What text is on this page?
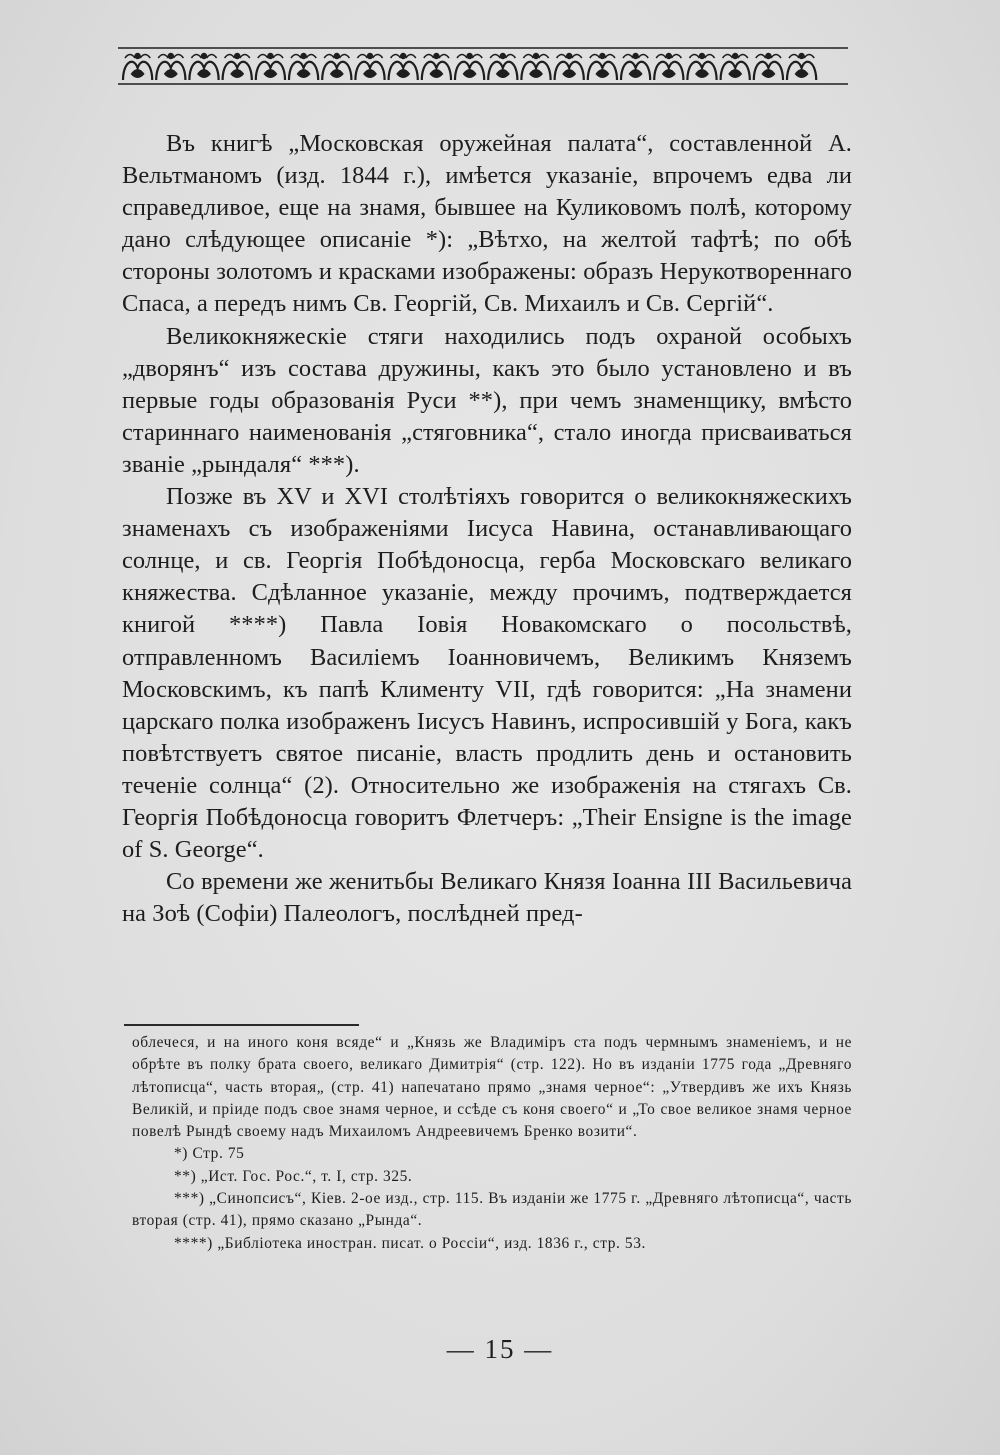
Въ книгѣ „Московская оружейная палата“, составленной А. Вельтманомъ (изд. 1844 г.), имѣется указаніе, впрочемъ едва ли справедливое, еще на знамя, бывшее на Куликовомъ полѣ, которому дано слѣдующее описаніе *): „Вѣтхо, на желтой тафтѣ; по обѣ стороны золотомъ и красками изображены: образъ Нерукотвореннаго Спаса, а передъ нимъ Св. Георгій, Св. Михаилъ и Св. Сергій“.

Великокняжескіе стяги находились подъ охраной особыхъ „дворянъ“ изъ состава дружины, какъ это было установлено и въ первые годы образованія Руси **), при чемъ знаменщику, вмѣсто стариннаго наименованія „стяговника“, стало иногда присваиваться званіе „рындаля“ ***).

Позже въ XV и XVI столѣтіяхъ говорится о великокняжескихъ знаменахъ съ изображеніями Іисуса Навина, останавливающаго солнце, и св. Георгія Побѣдоносца, герба Московскаго великаго княжества. Сдѣланное указаніе, между прочимъ, подтверждается книгой ****) Павла Іовія Новакомскаго о посольствѣ, отправленномъ Василіемъ Іоанновичемъ, Великимъ Княземъ Московскимъ, къ папѣ Клименту VII, гдѣ говорится: „На знамени царскаго полка изображенъ Іисусъ Навинъ, испросившій у Бога, какъ повѣтствуетъ святое писаніе, власть продлить день и остановить теченіе солнца“ (2). Относительно же изображенія на стягахъ Св. Георгія Побѣдоносца говоритъ Флетчеръ: „Their Ensigne is the image of S. George“.

Со времени же женитьбы Великаго Князя Іоанна III Васильевича на Зоѣ (Софіи) Палеологъ, послѣдней пред-

облечеся, и на иного коня всяде“ и „Князь же Владиміръ ста подъ чермнымъ знаменіемъ, и не обрѣте въ полку брата своего, великаго Димитрія“ (стр. 122). Но въ изданіи 1775 года „Древняго лѣтописца“, часть вторая„ (стр. 41) напечатано прямо „знамя черное“: „Утвердивъ же ихъ Князь Великій, и пріиде подъ свое знамя черное, и ссѣде съ коня своего“ и „То свое великое знамя черное повелѣ Рындѣ своему надъ Михаиломъ Андреевичемъ Бренко возити“.

*) Стр. 75

**) „Ист. Гос. Рос.“, т. I, стр. 325.

***) „Синопсисъ“, Кіев. 2-ое изд., стр. 115. Въ изданіи же 1775 г. „Древняго лѣтописца“, часть вторая (стр. 41), прямо сказано „Рында“.

****) „Библіотека иностран. писат. о Россіи“, изд. 1836 г., стр. 53.

— 15 —
